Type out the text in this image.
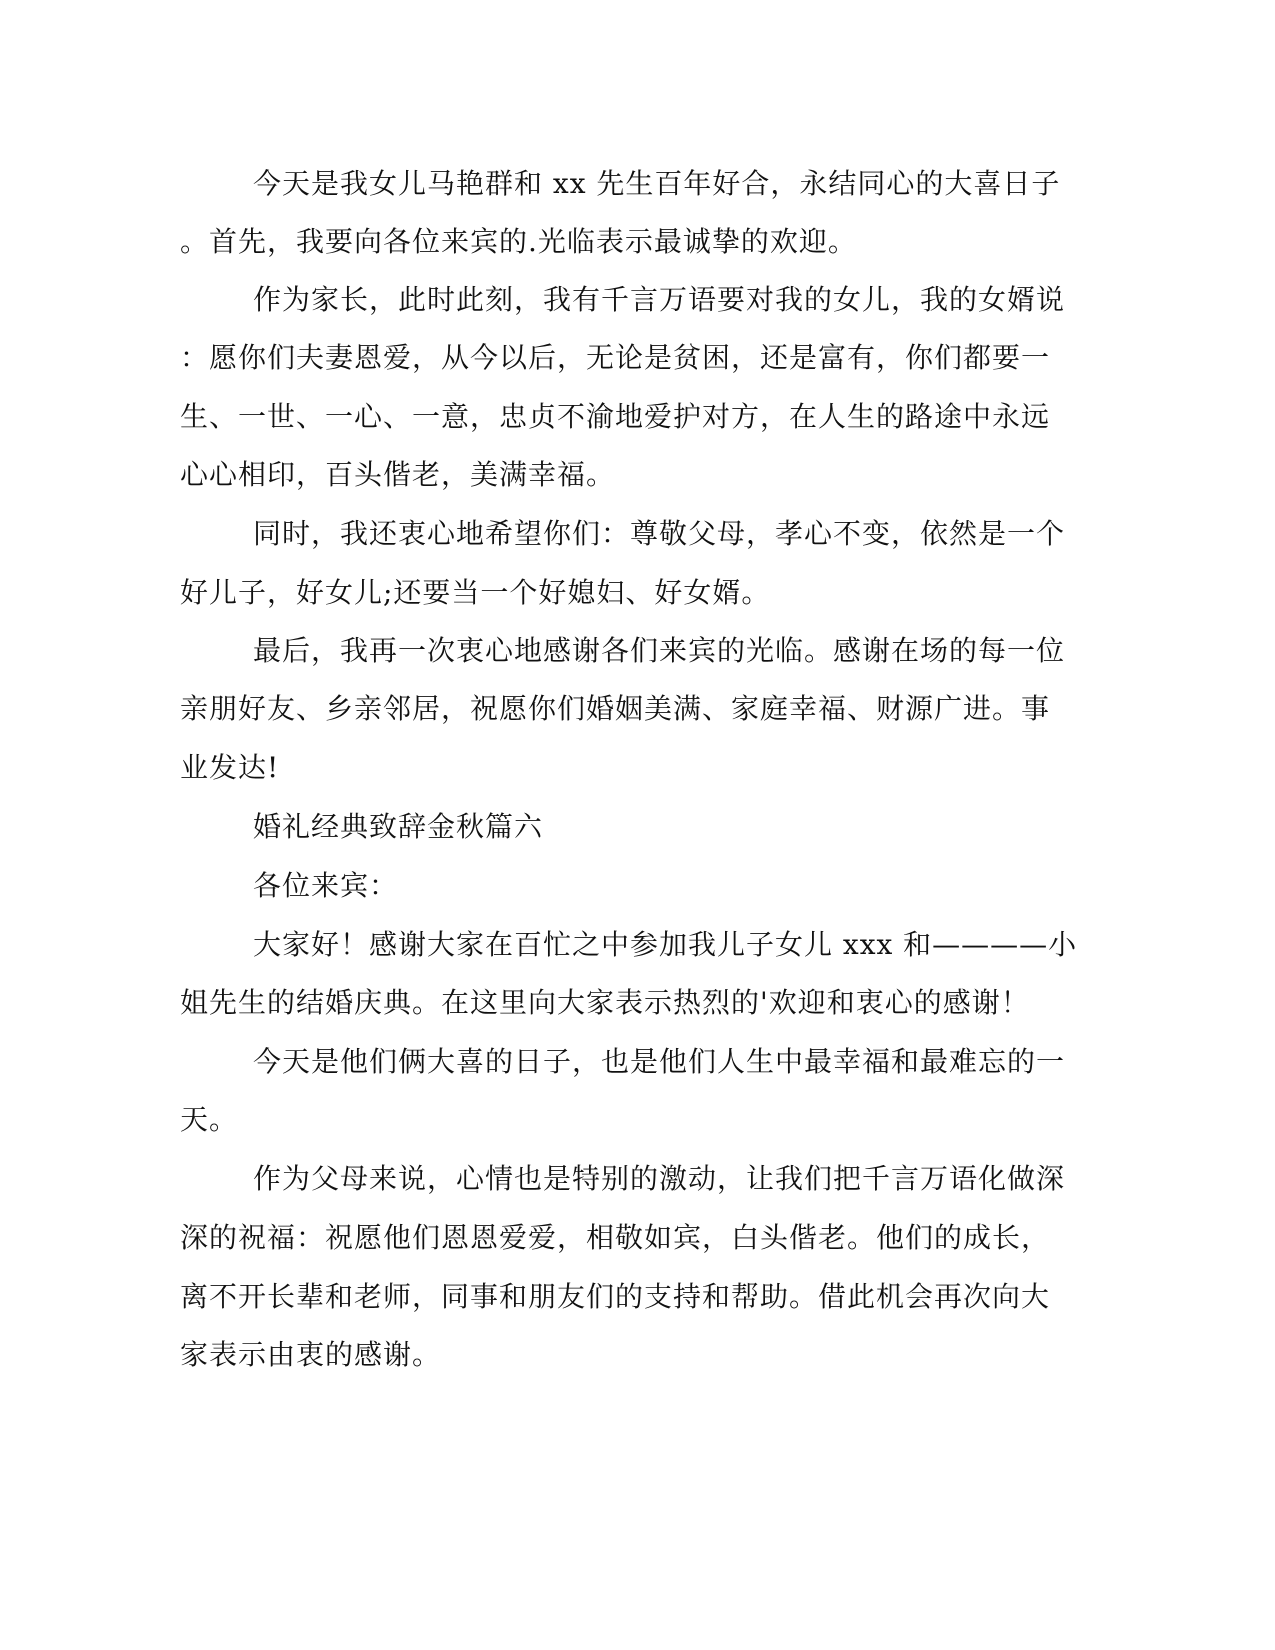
今天是我女儿马艳群和 xx 先生百年好合，永结同心的大喜日子
。首先，我要向各位来宾的.光临表示最诚挚的欢迎。
作为家长，此时此刻，我有千言万语要对我的女儿，我的女婿说
：愿你们夫妻恩爱，从今以后，无论是贫困，还是富有，你们都要一
生、一世、一心、一意，忠贞不渝地爱护对方，在人生的路途中永远
心心相印，百头偕老，美满幸福。
同时，我还衷心地希望你们：尊敬父母，孝心不变，依然是一个
好儿子，好女儿;还要当一个好媳妇、好女婿。
最后，我再一次衷心地感谢各们来宾的光临。感谢在场的每一位
亲朋好友、乡亲邻居，祝愿你们婚姻美满、家庭幸福、财源广进。事
业发达!
婚礼经典致辞金秋篇六
各位来宾：
大家好！感谢大家在百忙之中参加我儿子女儿 xxx 和————小
姐先生的结婚庆典。在这里向大家表示热烈的'欢迎和衷心的感谢！
今天是他们俩大喜的日子，也是他们人生中最幸福和最难忘的一
天。
作为父母来说，心情也是特别的激动，让我们把千言万语化做深
深的祝福：祝愿他们恩恩爱爱，相敬如宾，白头偕老。他们的成长，
离不开长辈和老师，同事和朋友们的支持和帮助。借此机会再次向大
家表示由衷的感谢。
